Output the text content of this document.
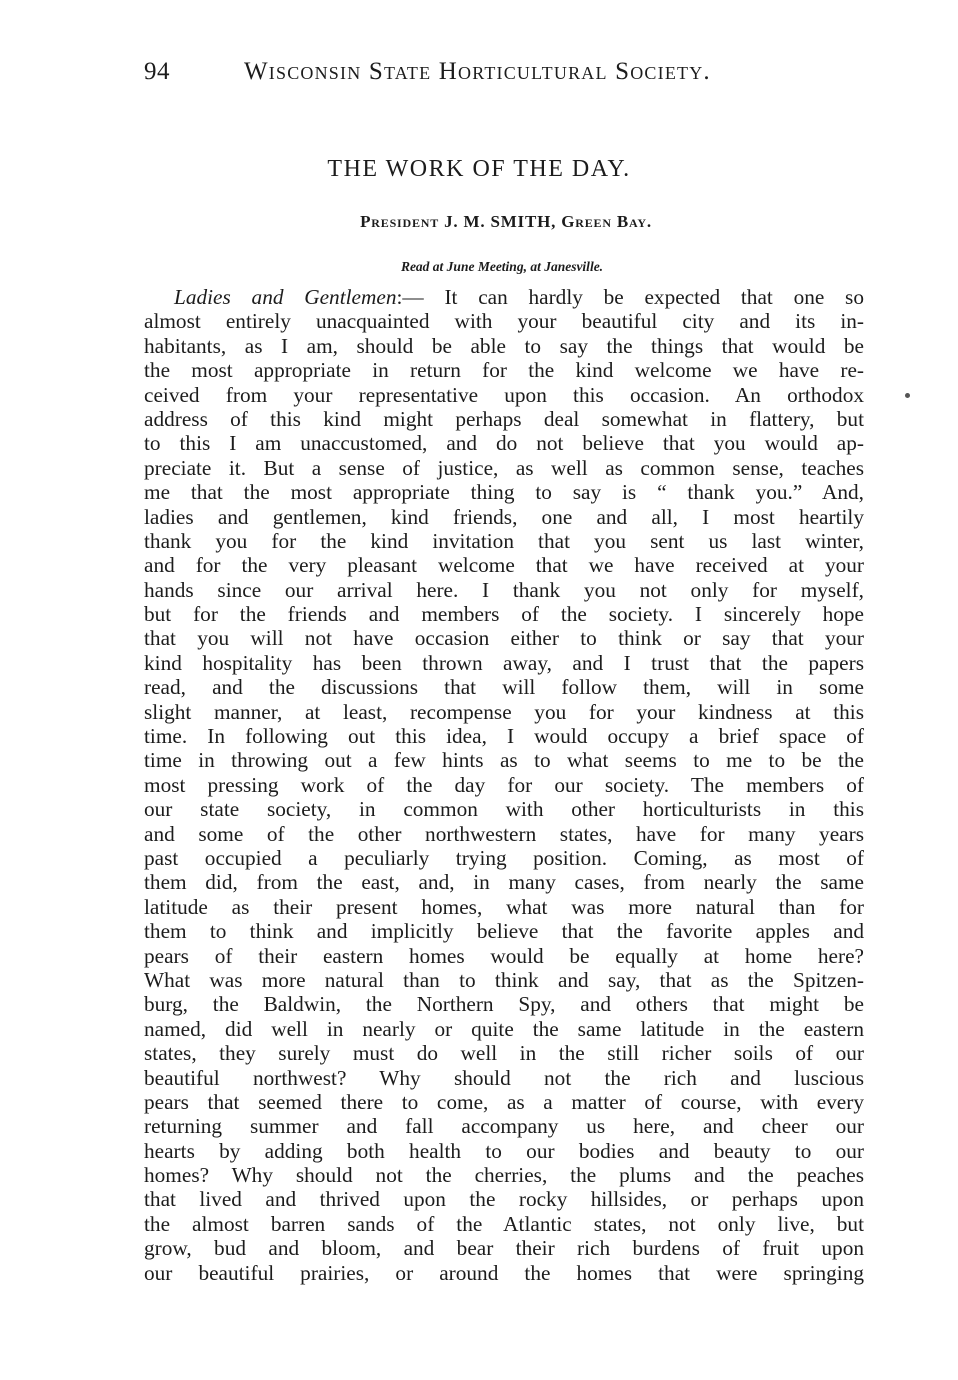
94	Wisconsin State Horticultural Society.
THE WORK OF THE DAY.
President J. M. SMITH, Green Bay.
Read at June Meeting, at Janesville.
Ladies and Gentlemen:— It can hardly be expected that one so
almost entirely unacquainted with your beautiful city and its in-
habitants, as I am, should be able to say the things that would be
the most appropriate in return for the kind welcome we have re-
ceived from your representative upon this occasion. An orthodox
address of this kind might perhaps deal somewhat in flattery, but
to this I am unaccustomed, and do not believe that you would ap-
preciate it. But a sense of justice, as well as common sense, teaches
me that the most appropriate thing to say is “ thank you.” And,
ladies and gentlemen, kind friends, one and all, I most heartily
thank you for the kind invitation that you sent us last winter,
and for the very pleasant welcome that we have received at your
hands since our arrival here. I thank you not only for myself,
but for the friends and members of the society. I sincerely hope
that you will not have occasion either to think or say that your
kind hospitality has been thrown away, and I trust that the papers
read, and the discussions that will follow them, will in some
slight manner, at least, recompense you for your kindness at this
time. In following out this idea, I would occupy a brief space of
time in throwing out a few hints as to what seems to me to be the
most pressing work of the day for our society. The members of
our state society, in common with other horticulturists in this
and some of the other northwestern states, have for many years
past occupied a peculiarly trying position. Coming, as most of
them did, from the east, and, in many cases, from nearly the same
latitude as their present homes, what was more natural than for
them to think and implicitly believe that the favorite apples and
pears of their eastern homes would be equally at home here?
What was more natural than to think and say, that as the Spitzen-
burg, the Baldwin, the Northern Spy, and others that might be
named, did well in nearly or quite the same latitude in the eastern
states, they surely must do well in the still richer soils of our
beautiful northwest? Why should not the rich and luscious
pears that seemed there to come, as a matter of course, with every
returning summer and fall accompany us here, and cheer our
hearts by adding both health to our bodies and beauty to our
homes? Why should not the cherries, the plums and the peaches
that lived and thrived upon the rocky hillsides, or perhaps upon
the almost barren sands of the Atlantic states, not only live, but
grow, bud and bloom, and bear their rich burdens of fruit upon
our beautiful prairies, or around the homes that were springing
